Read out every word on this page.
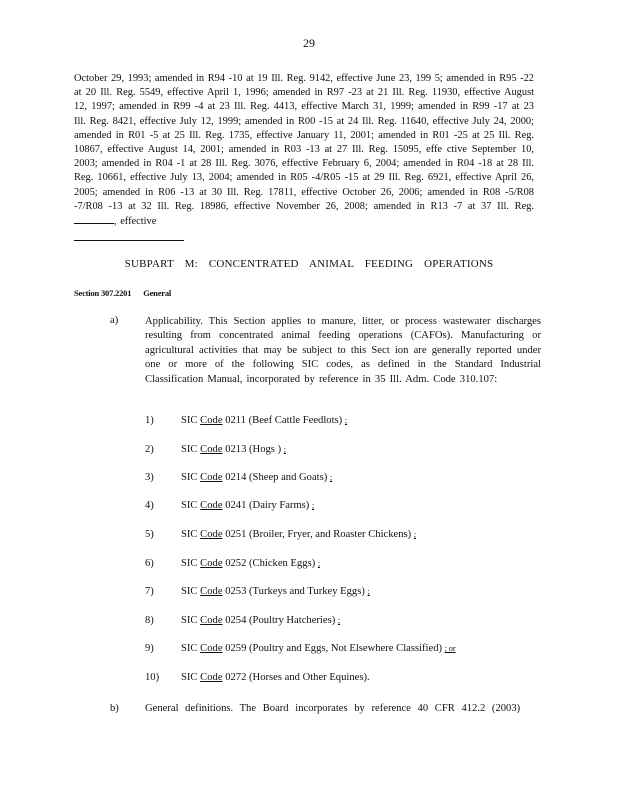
29
October 29, 1993; amended in R94 -10 at 19 Ill. Reg. 9142, effective June 23, 199 5; amended in R95 -22 at 20 Ill. Reg. 5549, effective April 1, 1996; amended in R97 -23 at 21 Ill. Reg. 11930, effective August 12, 1997; amended in R99 -4 at 23 Ill. Reg. 4413, effective March 31, 1999; amended in R99 -17 at 23 Ill. Reg. 8421, effective July 12, 1999; amended in R00 -15 at 24 Ill. Reg. 11640, effective July 24, 2000; amended in R01 -5 at 25 Ill. Reg. 1735, effective January 11, 2001; amended in R01 -25 at 25 Ill. Reg. 10867, effective August 14, 2001; amended in R03 -13 at 27 Ill. Reg. 15095, effe ctive September 10, 2003; amended in R04 -1 at 28 Ill. Reg. 3076, effective February 6, 2004; amended in R04 -18 at 28 Ill. Reg. 10661, effective July 13, 2004; amended in R05 -4/R05 -15 at 29 Ill. Reg. 6921, effective April 26, 2005; amended in R06 -13 at 30 Ill. Reg. 17811, effective October 26, 2006; amended in R08 -5/R08 -7/R08 -13 at 32 Ill. Reg. 18986, effective November 26, 2008; amended in R13 -7 at 37 Ill. Reg. , effective
SUBPART M: CONCENTRATED ANIMAL FEEDING OPERATIONS
Section 307.2201 General
a)	Applicability. This Section applies to manure, litter, or process wastewater discharges resulting from concentrated animal feeding operations (CAFOs). Manufacturing or agricultural activities that may be subject to this Sect ion are generally reported under one or more of the following SIC codes, as defined in the Standard Industrial Classification Manual, incorporated by reference in 35 Ill. Adm. Code 310.107:
1)	SIC Code 0211 (Beef Cattle Feedlots) ;
2)	SIC Code 0213 (Hogs ) ;
3)	SIC Code 0214 (Sheep and Goats) ;
4)	SIC Code 0241 (Dairy Farms) ;
5)	SIC Code 0251 (Broiler, Fryer, and Roaster Chickens) ;
6)	SIC Code 0252 (Chicken Eggs) ;
7)	SIC Code 0253 (Turkeys and Turkey Eggs) ;
8)	SIC Code 0254 (Poultry Hatcheries) ;
9)	SIC Code 0259 (Poultry and Eggs, Not Elsewhere Classified) ; or
10) SIC Code 0272 (Horses and Other Equines).
b) General definitions. The Board incorporates by reference 40 CFR 412.2 (2003)
